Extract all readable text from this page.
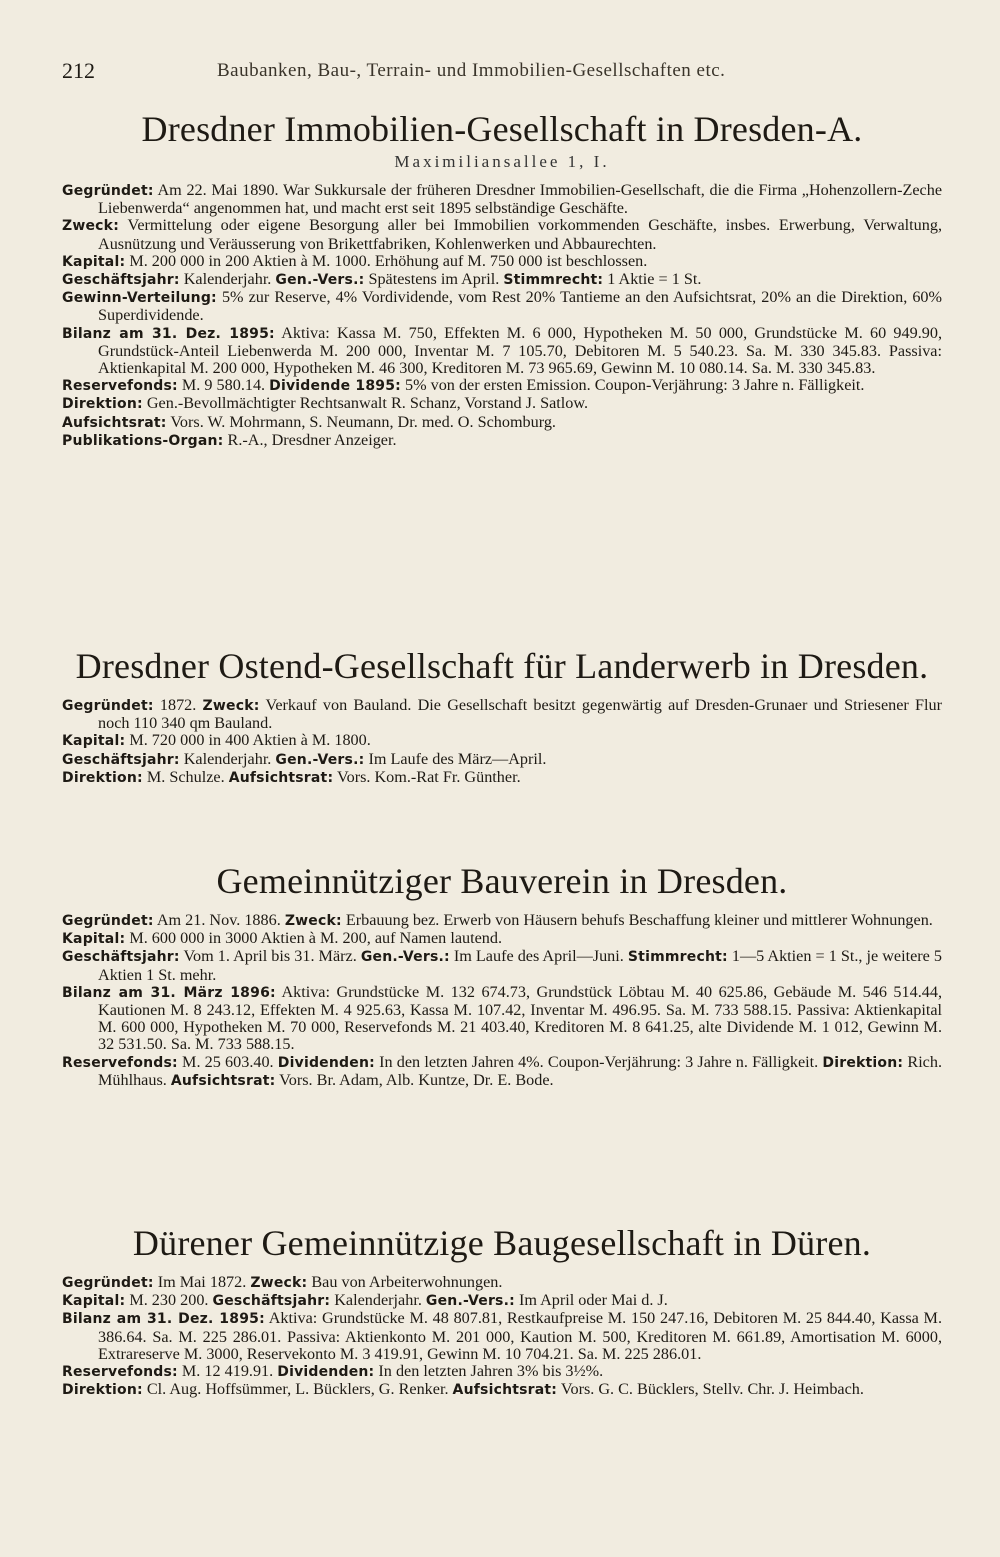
212	Baubanken, Bau-, Terrain- und Immobilien-Gesellschaften etc.
Dresdner Immobilien-Gesellschaft in Dresden-A.
Maximiliansallee 1, I.

Gegründet: Am 22. Mai 1890. War Sukkursale der früheren Dresdner Immobilien-Gesellschaft, die die Firma „Hohenzollern-Zeche Liebenwerda“ angenommen hat, und macht erst seit 1895 selbständige Geschäfte.

Zweck: Vermittelung oder eigene Besorgung aller bei Immobilien vorkommenden Geschäfte, insbes. Erwerbung, Verwaltung, Ausnützung und Veräusserung von Brikettfabriken, Kohlenwerken und Abbaurechten.

Kapital: M. 200 000 in 200 Aktien à M. 1000. Erhöhung auf M. 750 000 ist beschlossen.

Geschäftsjahr: Kalenderjahr. Gen.-Vers.: Spätestens im April. Stimmrecht: 1 Aktie = 1 St.

Gewinn-Verteilung: 5% zur Reserve, 4% Vordividende, vom Rest 20% Tantieme an den Aufsichtsrat, 20% an die Direktion, 60% Superdividende.

Bilanz am 31. Dez. 1895: Aktiva: Kassa M. 750, Effekten M. 6 000, Hypotheken M. 50 000, Grundstücke M. 60 949.90, Grundstück-Anteil Liebenwerda M. 200 000, Inventar M. 7 105.70, Debitoren M. 5 540.23. Sa. M. 330 345.83. Passiva: Aktienkapital M. 200 000, Hypotheken M. 46 300, Kreditoren M. 73 965.69, Gewinn M. 10 080.14. Sa. M. 330 345.83.

Reservefonds: M. 9 580.14. Dividende 1895: 5% von der ersten Emission. Coupon-Verjährung: 3 Jahre n. Fälligkeit.

Direktion: Gen.-Bevollmächtigter Rechtsanwalt R. Schanz, Vorstand J. Satlow.

Aufsichtsrat: Vors. W. Mohrmann, S. Neumann, Dr. med. O. Schomburg.

Publikations-Organ: R.-A., Dresdner Anzeiger.

Dresdner Ostend-Gesellschaft für Landerwerb in Dresden.

Gegründet: 1872. Zweck: Verkauf von Bauland. Die Gesellschaft besitzt gegenwärtig auf Dresden-Grunaer und Striesener Flur noch 110 340 qm Bauland.

Kapital: M. 720 000 in 400 Aktien à M. 1800.

Geschäftsjahr: Kalenderjahr. Gen.-Vers.: Im Laufe des März—April.

Direktion: M. Schulze. Aufsichtsrat: Vors. Kom.-Rat Fr. Günther.

Gemeinnütziger Bauverein in Dresden.

Gegründet: Am 21. Nov. 1886. Zweck: Erbauung bez. Erwerb von Häusern behufs Beschaffung kleiner und mittlerer Wohnungen.

Kapital: M. 600 000 in 3000 Aktien à M. 200, auf Namen lautend.

Geschäftsjahr: Vom 1. April bis 31. März. Gen.-Vers.: Im Laufe des April—Juni. Stimmrecht: 1—5 Aktien = 1 St., je weitere 5 Aktien 1 St. mehr.

Bilanz am 31. März 1896: Aktiva: Grundstücke M. 132 674.73, Grundstück Löbtau M. 40 625.86, Gebäude M. 546 514.44, Kautionen M. 8 243.12, Effekten M. 4 925.63, Kassa M. 107.42, Inventar M. 496.95. Sa. M. 733 588.15. Passiva: Aktienkapital M. 600 000, Hypotheken M. 70 000, Reservefonds M. 21 403.40, Kreditoren M. 8 641.25, alte Dividende M. 1 012, Gewinn M. 32 531.50. Sa. M. 733 588.15.

Reservefonds: M. 25 603.40. Dividenden: In den letzten Jahren 4%. Coupon-Verjährung: 3 Jahre n. Fälligkeit. Direktion: Rich. Mühlhaus. Aufsichtsrat: Vors. Br. Adam, Alb. Kuntze, Dr. E. Bode.

Dürener Gemeinnützige Baugesellschaft in Düren.

Gegründet: Im Mai 1872. Zweck: Bau von Arbeiterwohnungen.

Kapital: M. 230 200. Geschäftsjahr: Kalenderjahr. Gen.-Vers.: Im April oder Mai d. J.

Bilanz am 31. Dez. 1895: Aktiva: Grundstücke M. 48 807.81, Restkaufpreise M. 150 247.16, Debitoren M. 25 844.40, Kassa M. 386.64. Sa. M. 225 286.01. Passiva: Aktienkonto M. 201 000, Kaution M. 500, Kreditoren M. 661.89, Amortisation M. 6000, Extrareserve M. 3000, Reservekonto M. 3 419.91, Gewinn M. 10 704.21. Sa. M. 225 286.01.

Reservefonds: M. 12 419.91. Dividenden: In den letzten Jahren 3% bis 3½%.

Direktion: Cl. Aug. Hoffsümmer, L. Bücklers, G. Renker. Aufsichtsrat: Vors. G. C. Bücklers, Stellv. Chr. J. Heimbach.
